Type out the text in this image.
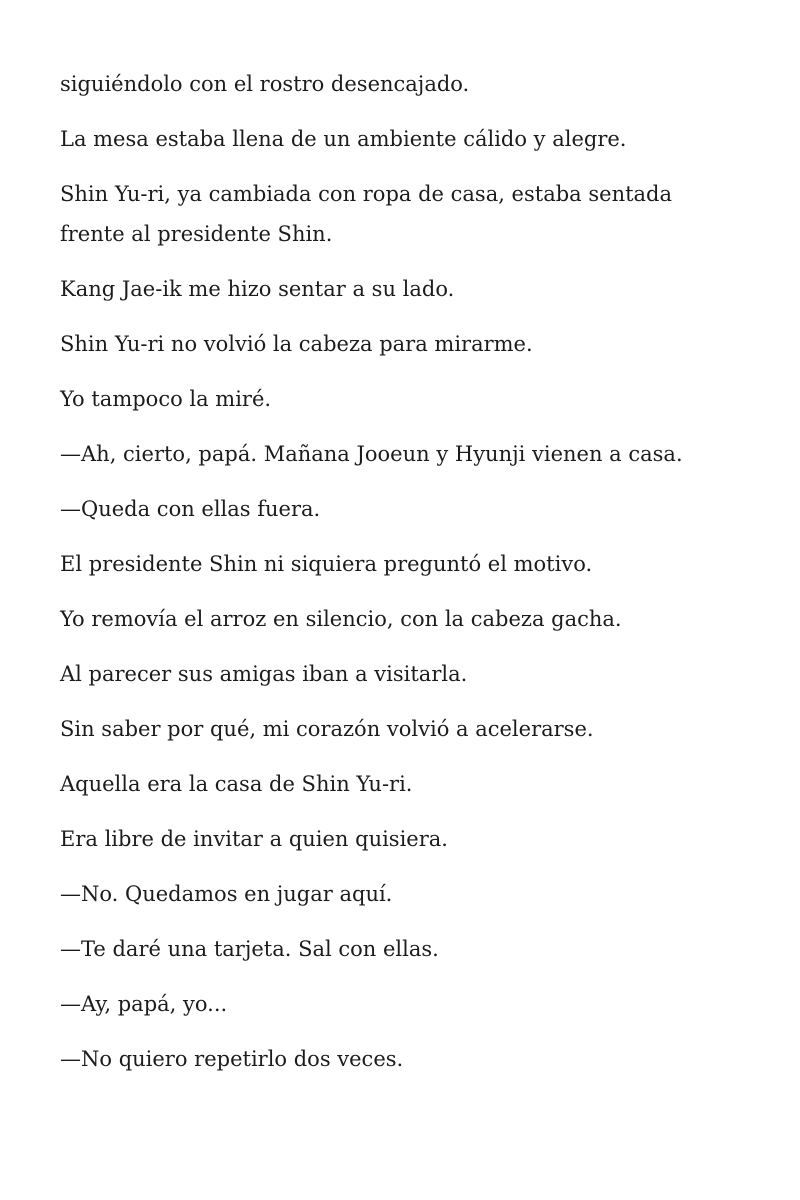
siguiéndolo con el rostro desencajado.

La mesa estaba llena de un ambiente cálido y alegre.

Shin Yu-ri, ya cambiada con ropa de casa, estaba sentada frente al presidente Shin.

Kang Jae-ik me hizo sentar a su lado.

Shin Yu-ri no volvió la cabeza para mirarme.

Yo tampoco la miré.

—Ah, cierto, papá. Mañana Jooeun y Hyunji vienen a casa.

—Queda con ellas fuera.

El presidente Shin ni siquiera preguntó el motivo.

Yo removía el arroz en silencio, con la cabeza gacha.

Al parecer sus amigas iban a visitarla.

Sin saber por qué, mi corazón volvió a acelerarse.

Aquella era la casa de Shin Yu-ri.

Era libre de invitar a quien quisiera.

—No. Quedamos en jugar aquí.

—Te daré una tarjeta. Sal con ellas.

—Ay, papá, yo...

—No quiero repetirlo dos veces.
